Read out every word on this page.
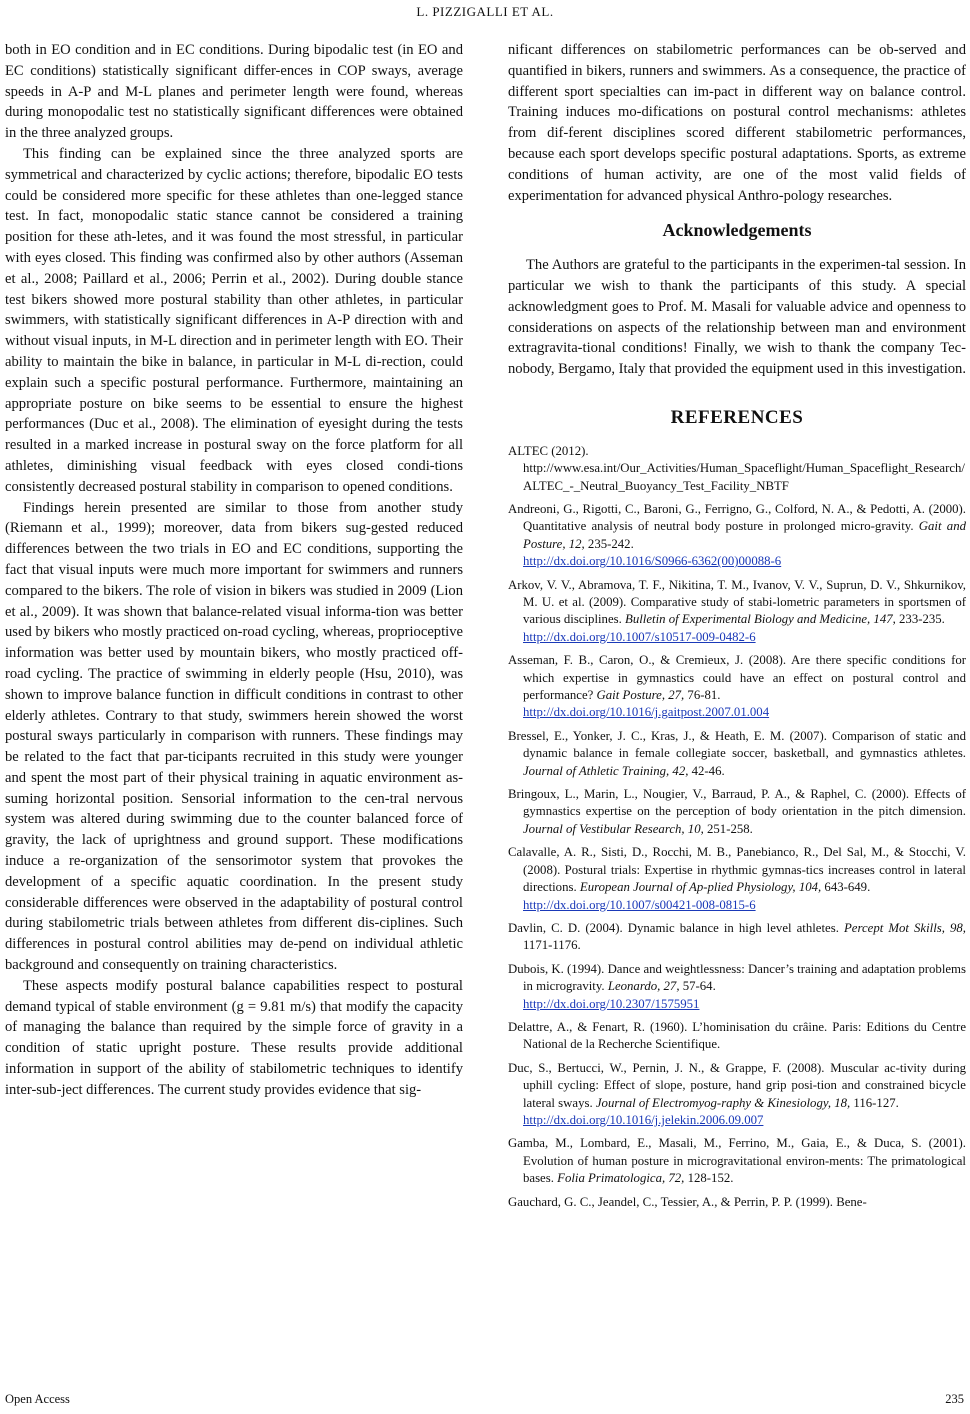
L. PIZZIGALLI ET AL.

both in EO condition and in EC conditions. During bipodalic test (in EO and EC conditions) statistically significant differ-ences in COP sways, average speeds in A-P and M-L planes and perimeter length were found, whereas during monopodalic test no statistically significant differences were obtained in the three analyzed groups.

This finding can be explained since the three analyzed sports are symmetrical and characterized by cyclic actions; therefore, bipodalic EO tests could be considered more specific for these athletes than one-legged stance test. In fact, monopodalic static stance cannot be considered a training position for these ath-letes, and it was found the most stressful, in particular with eyes closed. This finding was confirmed also by other authors (Asseman et al., 2008; Paillard et al., 2006; Perrin et al., 2002). During double stance test bikers showed more postural stability than other athletes, in particular swimmers, with statistically significant differences in A-P direction with and without visual inputs, in M-L direction and in perimeter length with EO. Their ability to maintain the bike in balance, in particular in M-L di-rection, could explain such a specific postural performance. Furthermore, maintaining an appropriate posture on bike seems to be essential to ensure the highest performances (Duc et al., 2008). The elimination of eyesight during the tests resulted in a marked increase in postural sway on the force platform for all athletes, diminishing visual feedback with eyes closed condi-tions consistently decreased postural stability in comparison to opened conditions.

Findings herein presented are similar to those from another study (Riemann et al., 1999); moreover, data from bikers sug-gested reduced differences between the two trials in EO and EC conditions, supporting the fact that visual inputs were much more important for swimmers and runners compared to the bikers. The role of vision in bikers was studied in 2009 (Lion et al., 2009). It was shown that balance-related visual informa-tion was better used by bikers who mostly practiced on-road cycling, whereas, proprioceptive information was better used by mountain bikers, who mostly practiced off-road cycling. The practice of swimming in elderly people (Hsu, 2010), was shown to improve balance function in difficult conditions in contrast to other elderly athletes. Contrary to that study, swimmers herein showed the worst postural sways particularly in comparison with runners. These findings may be related to the fact that par-ticipants recruited in this study were younger and spent the most part of their physical training in aquatic environment as-suming horizontal position. Sensorial information to the cen-tral nervous system was altered during swimming due to the counter balanced force of gravity, the lack of uprightness and ground support. These modifications induce a re-organization of the sensorimotor system that provokes the development of a specific aquatic coordination. In the present study considerable differences were observed in the adaptability of postural control during stabilometric trials between athletes from different dis-ciplines. Such differences in postural control abilities may de-pend on individual athletic background and consequently on training characteristics.

These aspects modify postural balance capabilities respect to postural demand typical of stable environment (g = 9.81 m/s) that modify the capacity of managing the balance than required by the simple force of gravity in a condition of static upright posture. These results provide additional information in support of the ability of stabilometric techniques to identify inter-sub-ject differences. The current study provides evidence that sig-

nificant differences on stabilometric performances can be ob-served and quantified in bikers, runners and swimmers. As a consequence, the practice of different sport specialties can im-pact in different way on balance control. Training induces mo-difications on postural control mechanisms: athletes from dif-ferent disciplines scored different stabilometric performances, because each sport develops specific postural adaptations. Sports, as extreme conditions of human activity, are one of the most valid fields of experimentation for advanced physical Anthro-pology researches.

Acknowledgements

The Authors are grateful to the participants in the experimen-tal session. In particular we wish to thank the participants of this study. A special acknowledgment goes to Prof. M. Masali for valuable advice and openness to considerations on aspects of the relationship between man and environment extragravita-tional conditions! Finally, we wish to thank the company Tec-nobody, Bergamo, Italy that provided the equipment used in this investigation.

REFERENCES
ALTEC (2012).
http://www.esa.int/Our_Activities/Human_Spaceflight/Human_Spaceflight_Research/ALTEC_-_Neutral_Buoyancy_Test_Facility_NBTF
Andreoni, G., Rigotti, C., Baroni, G., Ferrigno, G., Colford, N. A., & Pedotti, A. (2000). Quantitative analysis of neutral body posture in prolonged micro-gravity. Gait and Posture, 12, 235-242.
http://dx.doi.org/10.1016/S0966-6362(00)00088-6
Arkov, V. V., Abramova, T. F., Nikitina, T. M., Ivanov, V. V., Suprun, D. V., Shkurnikov, M. U. et al. (2009). Comparative study of stabi-lometric parameters in sportsmen of various disciplines. Bulletin of Experimental Biology and Medicine, 147, 233-235.
http://dx.doi.org/10.1007/s10517-009-0482-6
Asseman, F. B., Caron, O., & Cremieux, J. (2008). Are there specific conditions for which expertise in gymnastics could have an effect on postural control and performance? Gait Posture, 27, 76-81.
http://dx.doi.org/10.1016/j.gaitpost.2007.01.004
Bressel, E., Yonker, J. C., Kras, J., & Heath, E. M. (2007). Comparison of static and dynamic balance in female collegiate soccer, basketball, and gymnastics athletes. Journal of Athletic Training, 42, 42-46.
Bringoux, L., Marin, L., Nougier, V., Barraud, P. A., & Raphel, C. (2000). Effects of gymnastics expertise on the perception of body orientation in the pitch dimension. Journal of Vestibular Research, 10, 251-258.
Calavalle, A. R., Sisti, D., Rocchi, M. B., Panebianco, R., Del Sal, M., & Stocchi, V. (2008). Postural trials: Expertise in rhythmic gymnas-tics increases control in lateral directions. European Journal of Ap-plied Physiology, 104, 643-649.
http://dx.doi.org/10.1007/s00421-008-0815-6
Davlin, C. D. (2004). Dynamic balance in high level athletes. Percept Mot Skills, 98, 1171-1176.
Dubois, K. (1994). Dance and weightlessness: Dancer’s training and adaptation problems in microgravity. Leonardo, 27, 57-64.
http://dx.doi.org/10.2307/1575951
Delattre, A., & Fenart, R. (1960). L’hominisation du crâine. Paris: Editions du Centre National de la Recherche Scientifique.
Duc, S., Bertucci, W., Pernin, J. N., & Grappe, F. (2008). Muscular ac-tivity during uphill cycling: Effect of slope, posture, hand grip posi-tion and constrained bicycle lateral sways. Journal of Electromyog-raphy & Kinesiology, 18, 116-127.
http://dx.doi.org/10.1016/j.jelekin.2006.09.007
Gamba, M., Lombard, E., Masali, M., Ferrino, M., Gaia, E., & Duca, S. (2001). Evolution of human posture in microgravitational environ-ments: The primatological bases. Folia Primatologica, 72, 128-152.
Gauchard, G. C., Jeandel, C., Tessier, A., & Perrin, P. P. (1999). Bene-
Open Access	235
